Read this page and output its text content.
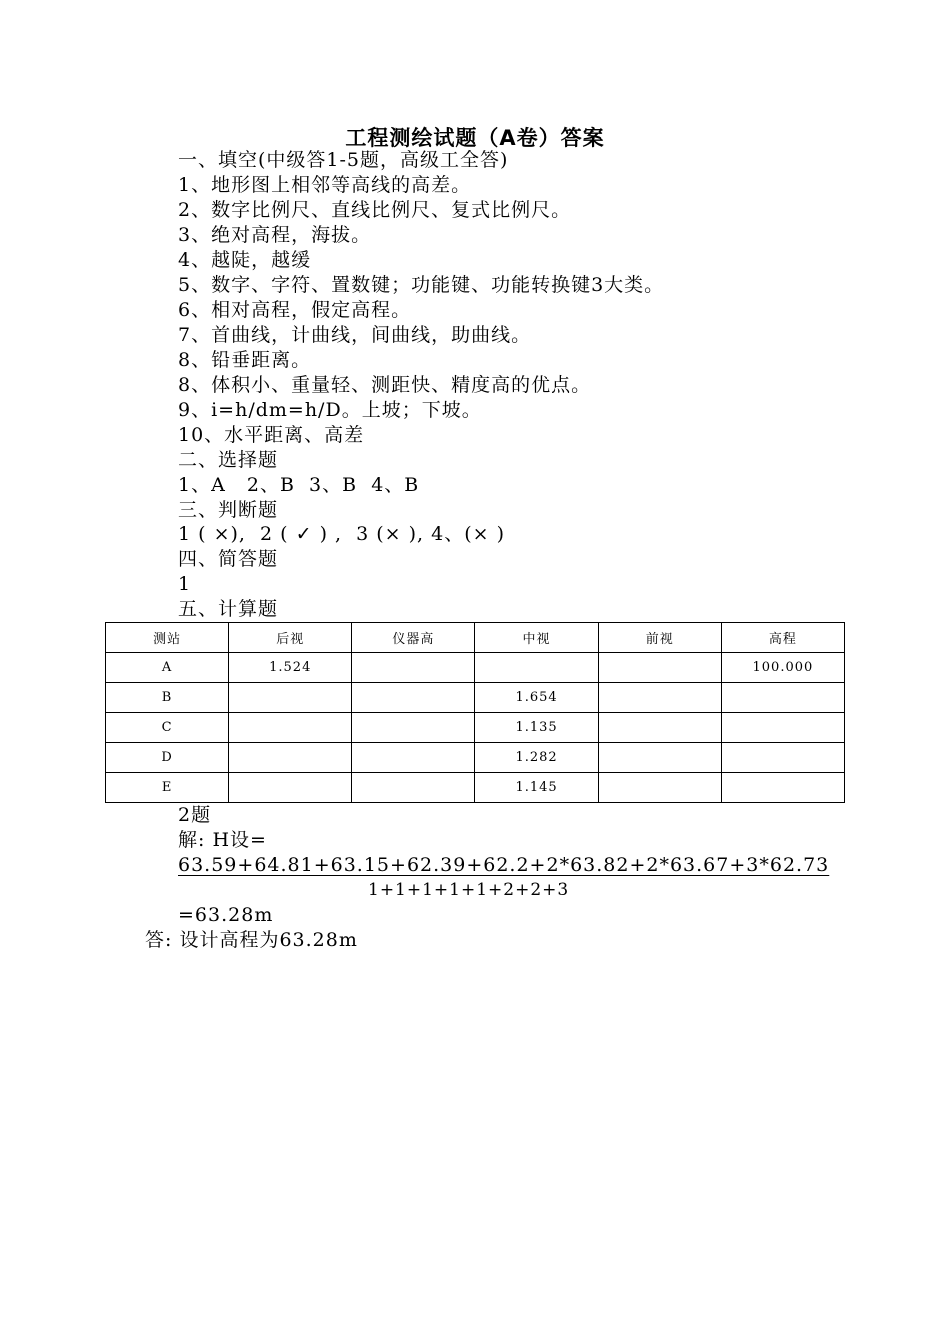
工程测绘试题（A卷）答案
一、填空(中级答1-5题，高级工全答)
1、地形图上相邻等高线的高差。
2、数字比例尺、直线比例尺、复式比例尺。
3、绝对高程，海拔。
4、越陡，越缓
5、数字、字符、置数键；功能键、功能转换键3大类。
6、相对高程，假定高程。
7、首曲线，计曲线，间曲线，助曲线。
8、铅垂距离。
8、体积小、重量轻、测距快、精度高的优点。
9、i=h/dm=h/D。上坡；下坡。
10、水平距离、高差
二、选择题
1、A   2、B  3、B  4、B
三、判断题
1 ( ×),  2 ( ✓ ) ,  3 (× ), 4、(× )
四、简答题
1
五、计算题
测站	后视	仪器高	中视	前视	高程
A	1.524				100.000
B			1.654		
C			1.135		
D			1.282		
E			1.145		
2题
解: H设=
63.59+64.81+63.15+62.39+62.2+2*63.82+2*63.67+3*62.73
1+1+1+1+1+2+2+3
=63.28m
答: 设计高程为63.28m
